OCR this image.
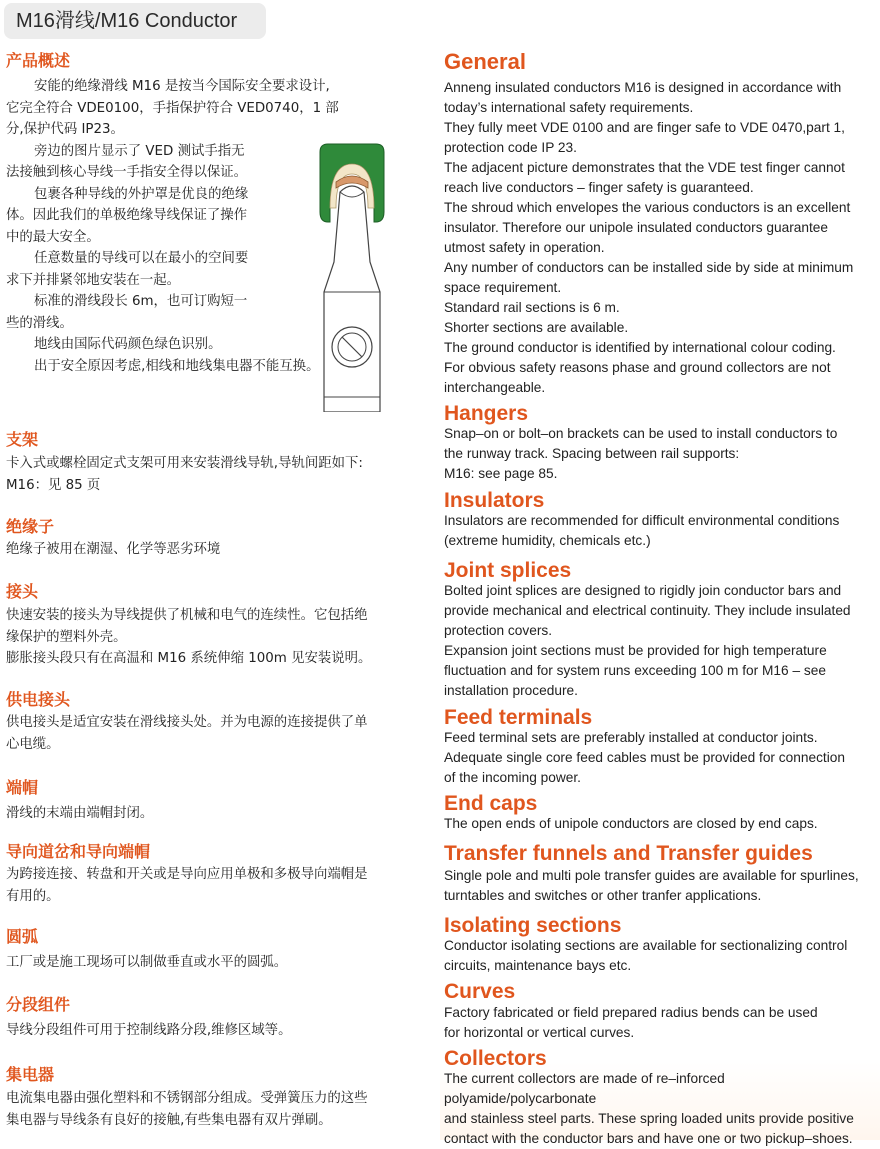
M16滑线/M16 Conductor
产品概述

安能的绝缘滑线 M16 是按当今国际安全要求设计,

它完全符合 VDE0100，手指保护符合 VED0740，1 部

分,保护代码 IP23。

旁边的图片显示了 VED 测试手指无

法接触到核心导线一手指安全得以保证。

包裹各种导线的外护罩是优良的绝缘

体。因此我们的单极绝缘导线保证了操作

中的最大安全。

任意数量的导线可以在最小的空间要

求下并排紧邻地安装在一起。

标准的滑线段长 6m，也可订购短一

些的滑线。

地线由国际代码颜色绿色识别。

出于安全原因考虑,相线和地线集电器不能互换。

支架

卡入式或螺栓固定式支架可用来安装滑线导轨,导轨间距如下:

M16：见 85 页

绝缘子

绝缘子被用在潮湿、化学等恶劣环境

接头

快速安装的接头为导线提供了机械和电气的连续性。它包括绝

缘保护的塑料外壳。

膨胀接头段只有在高温和 M16 系统伸缩 100m 见安装说明。

供电接头

供电接头是适宜安装在滑线接头处。并为电源的连接提供了单

心电缆。

端帽

滑线的末端由端帽封闭。

导向道岔和导向端帽

为跨接连接、转盘和开关或是导向应用单极和多极导向端帽是

有用的。

圆弧

工厂或是施工现场可以制做垂直或水平的圆弧。

分段组件

导线分段组件可用于控制线路分段,维修区域等。

集电器

电流集电器由强化塑料和不锈钢部分组成。受弹簧压力的这些

集电器与导线条有良好的接触,有些集电器有双片弹刷。

General

Anneng insulated conductors M16 is designed in accordance with

today’s international safety requirements.

They fully meet VDE 0100 and are finger safe to VDE 0470,part 1,

protection code IP 23.

The adjacent picture demonstrates that the VDE test finger cannot

reach live conductors – finger safety is guaranteed.

The shroud which envelopes the various conductors is an excellent

insulator. Therefore our unipole insulated conductors guarantee

utmost safety in operation.

Any number of conductors can be installed side by side at minimum

space requirement.

Standard rail sections is 6 m.

Shorter sections are available.

The ground conductor is identified by international colour coding.

For obvious safety reasons phase and ground collectors are not

interchangeable.

Hangers

Snap–on or bolt–on brackets can be used to install conductors to

the runway track. Spacing between rail supports:

M16: see page 85.

Insulators

Insulators are recommended for difficult environmental conditions

(extreme humidity, chemicals etc.)

Joint splices

Bolted joint splices are designed to rigidly join conductor bars and

provide mechanical and electrical continuity. They include insulated

protection covers.

Expansion joint sections must be provided for high temperature

fluctuation and for system runs exceeding 100 m for M16 – see

installation procedure.

Feed terminals

Feed terminal sets are preferably installed at conductor joints.

Adequate single core feed cables must be provided for connection

of the incoming power.

End caps

The open ends of unipole conductors are closed by end caps.

Transfer funnels and Transfer guides

Single pole and multi pole transfer guides are available for spurlines,

turntables and switches or other tranfer applications.

Isolating sections

Conductor isolating sections are available for sectionalizing control

circuits, maintenance bays etc.

Curves

Factory fabricated or field prepared radius bends can be used

for horizontal or vertical curves.

Collectors

The current collectors are made of re–inforced polyamide/polycarbonate

and stainless steel parts. These spring loaded units provide positive

contact with the conductor bars and have one or two pickup–shoes.
